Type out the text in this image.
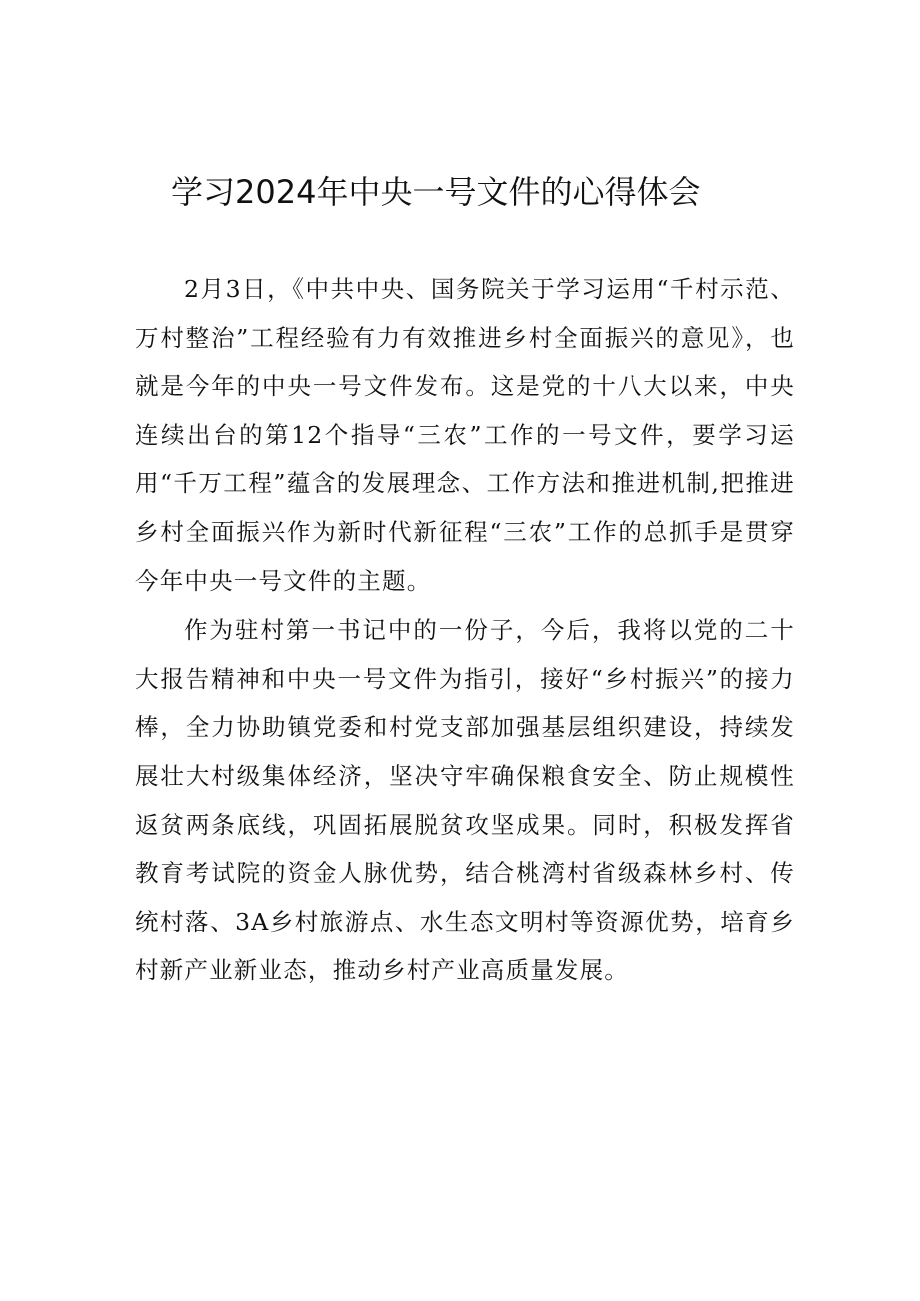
学习2024年中央一号文件的心得体会

2月3日，《中共中央、国务院关于学习运用“千村示范、万村整治”工程经验有力有效推进乡村全面振兴的意见》，也就是今年的中央一号文件发布。这是党的十八大以来，中央连续出台的第12个指导“三农”工作的一号文件，要学习运用“千万工程”蕴含的发展理念、工作方法和推进机制,把推进乡村全面振兴作为新时代新征程“三农”工作的总抓手是贯穿今年中央一号文件的主题。

作为驻村第一书记中的一份子，今后，我将以党的二十大报告精神和中央一号文件为指引，接好“乡村振兴”的接力棒，全力协助镇党委和村党支部加强基层组织建设，持续发展壮大村级集体经济，坚决守牢确保粮食安全、防止规模性返贫两条底线，巩固拓展脱贫攻坚成果。同时，积极发挥省教育考试院的资金人脉优势，结合桃湾村省级森林乡村、传统村落、3A乡村旅游点、水生态文明村等资源优势，培育乡村新产业新业态，推动乡村产业高质量发展。
